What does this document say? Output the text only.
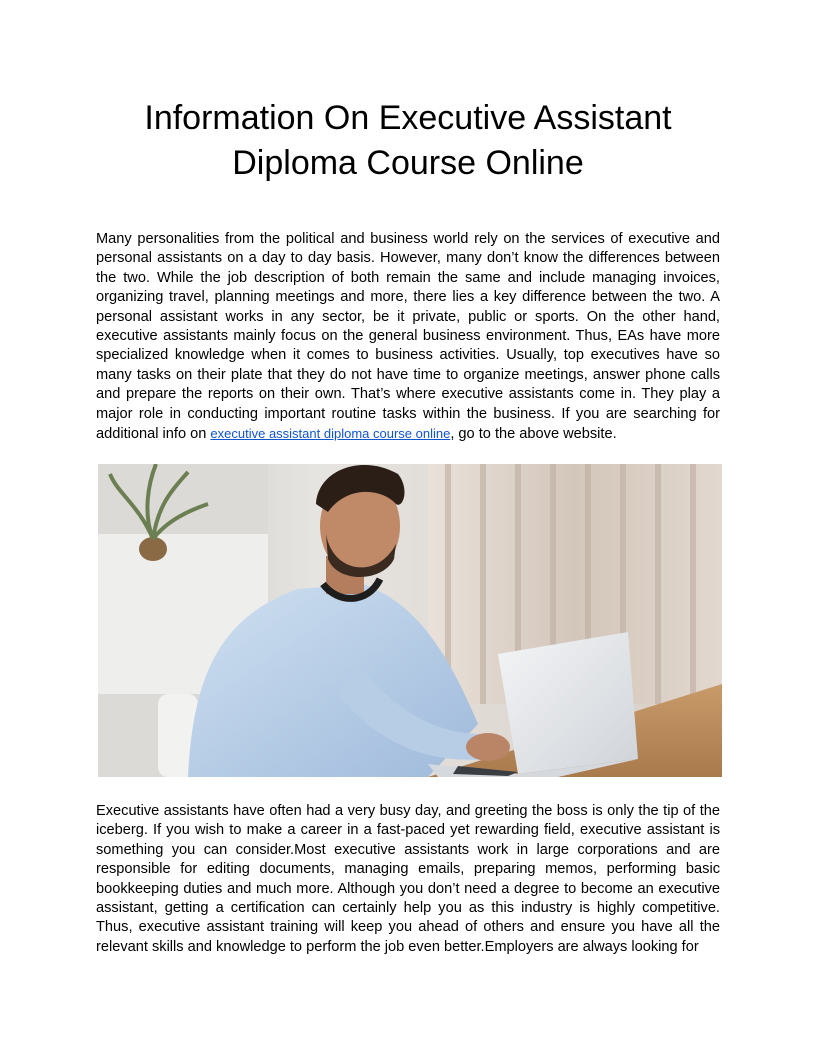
Information On Executive Assistant
Diploma Course Online

Many personalities from the political and business world rely on the services of executive and personal assistants on a day to day basis. However, many don’t know the differences between the two. While the job description of both remain the same and include managing invoices, organizing travel, planning meetings and more, there lies a key difference between the two. A personal assistant works in any sector, be it private, public or sports. On the other hand, executive assistants mainly focus on the general business environment. Thus, EAs have more specialized knowledge when it comes to business activities. Usually, top executives have so many tasks on their plate that they do not have time to organize meetings, answer phone calls and prepare the reports on their own. That’s where executive assistants come in. They play a major role in conducting important routine tasks within the business. If you are searching for additional info on executive assistant diploma course online, go to the above website.

Executive assistants have often had a very busy day, and greeting the boss is only the tip of the iceberg. If you wish to make a career in a fast-paced yet rewarding field, executive assistant is something you can consider.Most executive assistants work in large corporations and are responsible for editing documents, managing emails, preparing memos, performing basic bookkeeping duties and much more. Although you don’t need a degree to become an executive assistant, getting a certification can certainly help you as this industry is highly competitive. Thus, executive assistant training will keep you ahead of others and ensure you have all the relevant skills and knowledge to perform the job even better.Employers are always looking for
